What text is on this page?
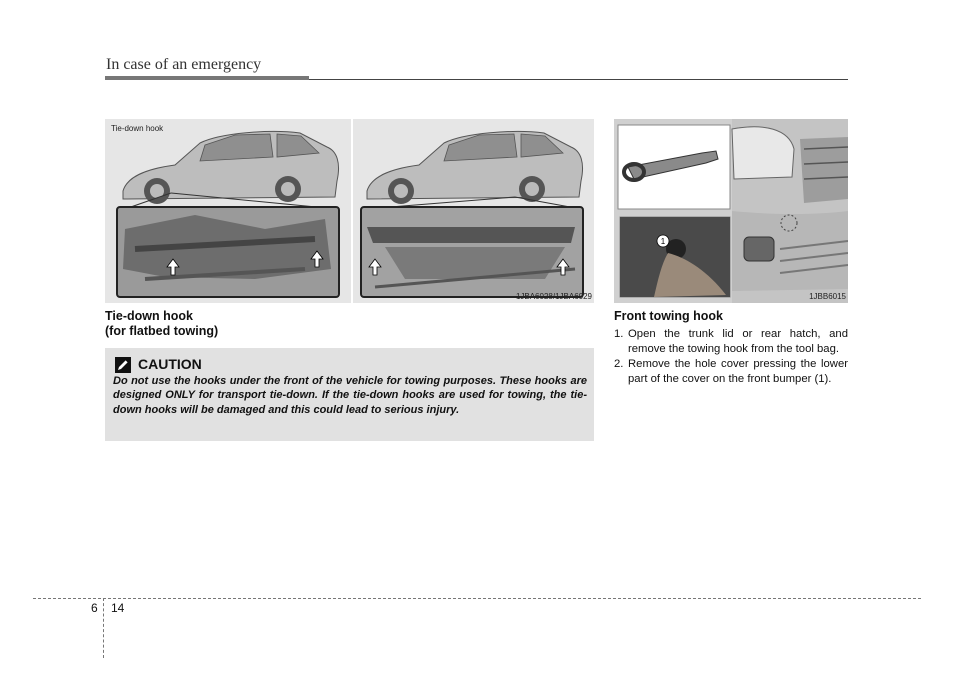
In case of an emergency
Tie-down hook
1JBA6028/1JBA6029
1
1JBB6015
Tie-down hook
(for flatbed towing)
CAUTION
Do not use the hooks under the front of the vehicle for towing purposes. These hooks are designed ONLY for transport tie-down. If the tie-down hooks are used for towing, the tie-down hooks will be damaged and this could lead to serious injury.
Front towing hook
1. Open the trunk lid or rear hatch, and remove the towing hook from the tool bag.
2. Remove the hole cover pressing the lower part of the cover on the front bumper (1).
6 14
